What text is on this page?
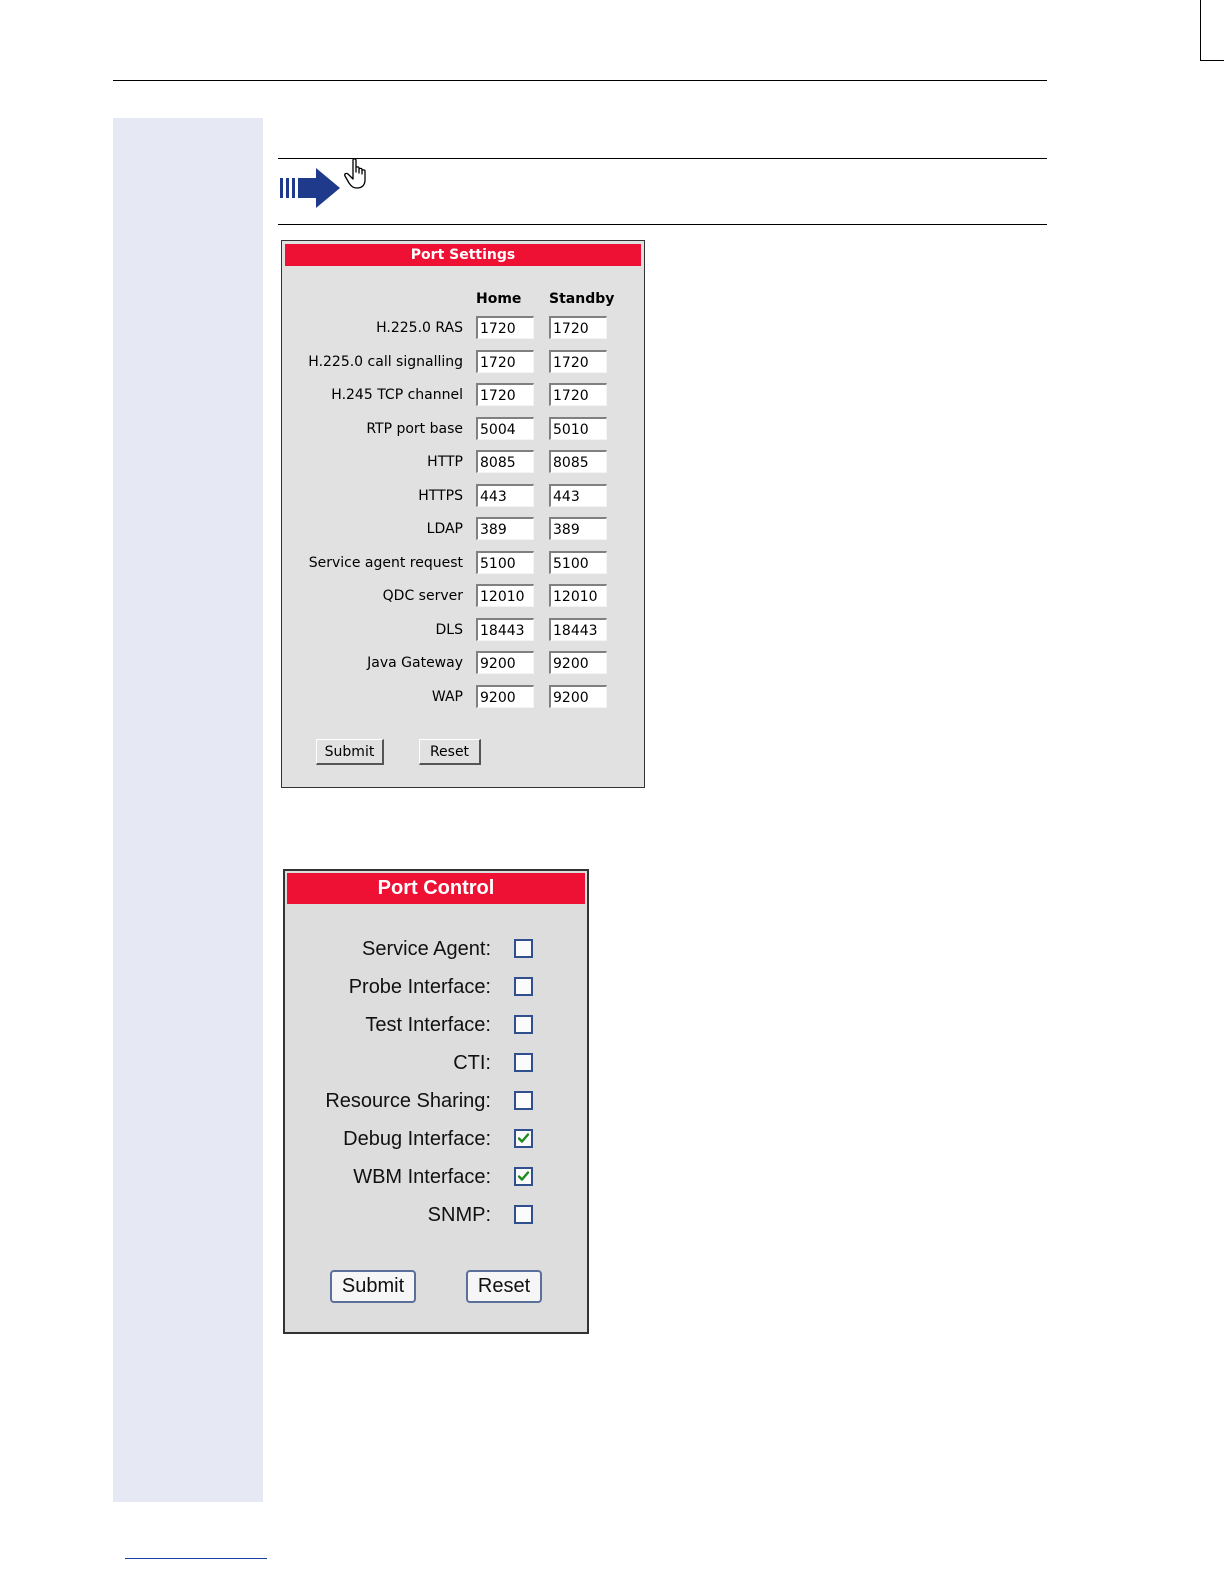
Port Settings
Home Standby
H.225.0 RAS
1720
1720
H.225.0 call signalling
1720
1720
H.245 TCP channel
1720
1720
RTP port base
5004
5010
HTTP
8085
8085
HTTPS
443
443
LDAP
389
389
Service agent request
5100
5100
QDC server
12010
12010
DLS
18443
18443
Java Gateway
9200
9200
WAP
9200
9200
Submit	Reset
Port Control
Service Agent:
Probe Interface:
Test Interface:
CTI:
Resource Sharing:
Debug Interface:
WBM Interface:
SNMP:
Submit	Reset
